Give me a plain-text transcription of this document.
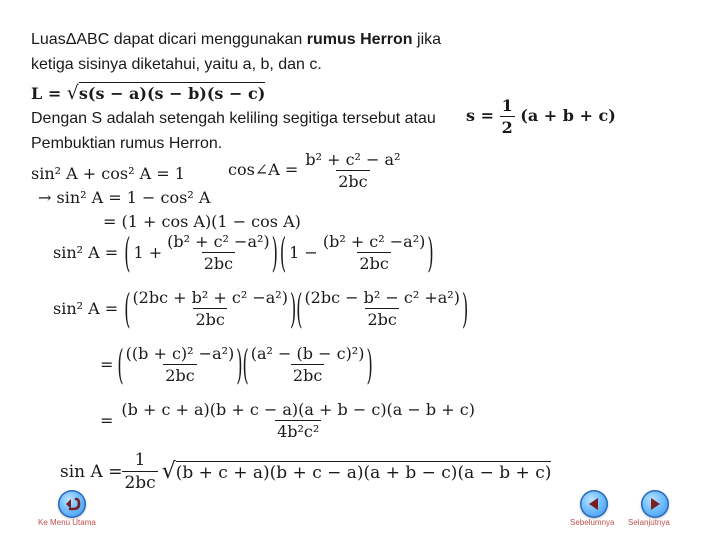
LuasΔABC dapat dicari menggunakan rumus Herron jika
ketiga sisinya diketahui, yaitu a, b, dan c.
L = √s(s − a)(s − b)(s − c)
Dengan S adalah setengah keliling segitiga tersebut atau $s = \frac{1}{2} (a + b + c)$
Pembuktian rumus Herron.
sin² A + cos² A = 1	cos∠A = $\frac{\text{b² + c² − a²}}{2bc}$
→ sin² A = 1 − cos² A
= (1 + cos A)(1 − cos A)
sin² A = ( $1 + \frac{\text{(b² + c² −a²)}}{2bc}$ ) ( $1 - \frac{\text{(b² + c² −a²)}}{2bc}$ )
sin² A = ( $\frac{\text{(2bc + b² + c² −a²)}}{2bc}$ ) ( $\frac{\text{(2bc − b² − c² +a²)}}{2bc}$ )
= ( $\frac{\text{((b + c)² −a²)}}{2bc}$ ) ( $\frac{\text{(a² − (b − c)²)}}{2bc}$ )
= $\frac{(b + c + a)(b + c - a)(a + b - c)(a - b + c)}{\text{4b²c²}}$
$\sin A = \frac{1}{2bc}$ √ (b + c + a)(b + c − a)(a + b − c)(a − b + c)
Ke Menu Utama	Sebelumnya Selanjutnya
